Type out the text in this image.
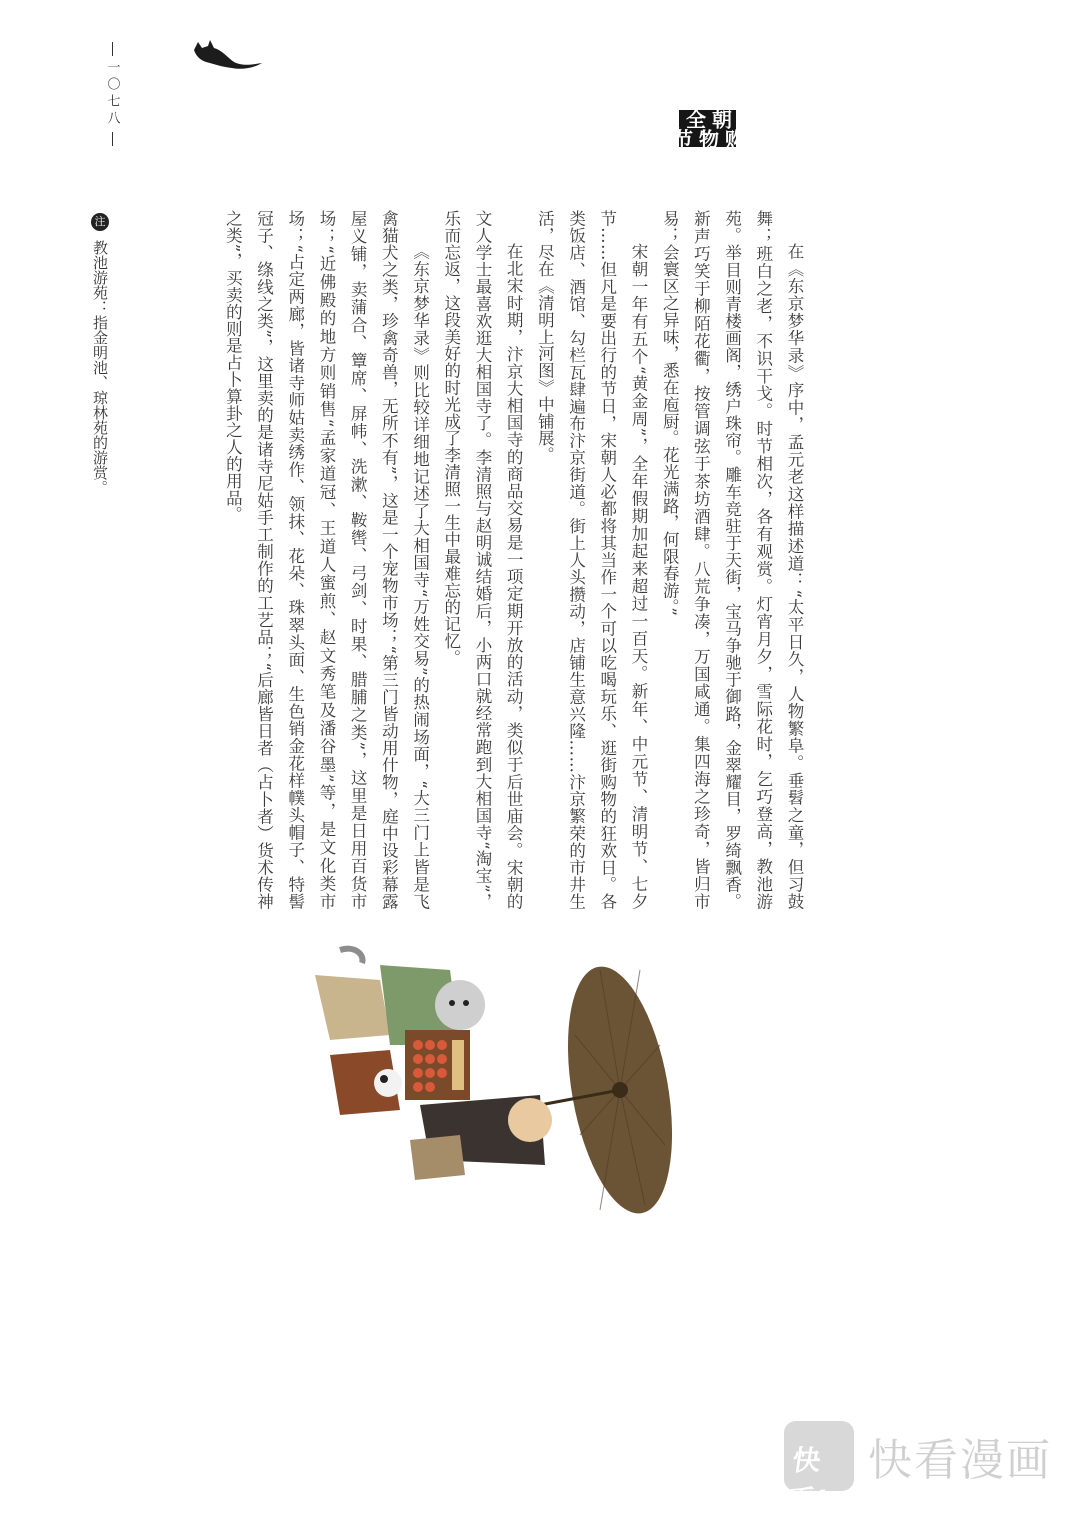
一〇七八	宋朝全民
购物节

在《东京梦华录》序中，孟元老这样描述道：“太平日久，人物繁阜。垂髫之童，但习鼓舞；班白之老，不识干戈。时节相次，各有观赏。灯宵月夕，雪际花时，乞巧登高，教池游苑。举目则青楼画阁，绣户珠帘。雕车竞驻于天街，宝马争驰于御路，金翠耀目，罗绮飘香。新声巧笑于柳陌花衢，按管调弦于茶坊酒肆。八荒争凑，万国咸通。集四海之珍奇，皆归市易；会寰区之异味，悉在庖厨。花光满路，何限春游。”

宋朝一年有五个“黄金周”，全年假期加起来超过一百天。新年、中元节、清明节、七夕节……但凡是要出行的节日，宋朝人必都将其当作一个可以吃喝玩乐、逛街购物的狂欢日。各类饭店、酒馆、勾栏瓦肆遍布汴京街道。街上人头攒动，店铺生意兴隆……汴京繁荣的市井生活，尽在《清明上河图》中铺展。

在北宋时期，汴京大相国寺的商品交易是一项定期开放的活动，类似于后世庙会。宋朝的文人学士最喜欢逛大相国寺了。李清照与赵明诚结婚后，小两口就经常跑到大相国寺“淘宝”，乐而忘返，这段美好的时光成了李清照一生中最难忘的记忆。

《东京梦华录》则比较详细地记述了大相国寺“万姓交易”的热闹场面，“大三门上皆是飞禽猫犬之类，珍禽奇兽，无所不有”，这是一个宠物市场；“第三门皆动用什物，庭中设彩幕露屋义铺，卖蒲合、簟席、屏帏、洗漱、鞍辔、弓剑、时果、腊脯之类”，这里是日用百货市场；“近佛殿的地方则销售“孟家道冠、王道人蜜煎、赵文秀笔及潘谷墨”等，是文化类市场；“占定两廊，皆诸寺师姑卖绣作、领抹、花朵、珠翠头面、生色销金花样幞头帽子、特髻冠子、绦线之类”，这里卖的是诸寺尼姑手工制作的工艺品；“后廊皆日者（占卜者）货术传神之类”，买卖的则是占卜算卦之人的用品。

注 教池游苑：指金明池、琼林苑的游赏。
快看!
快看漫画
